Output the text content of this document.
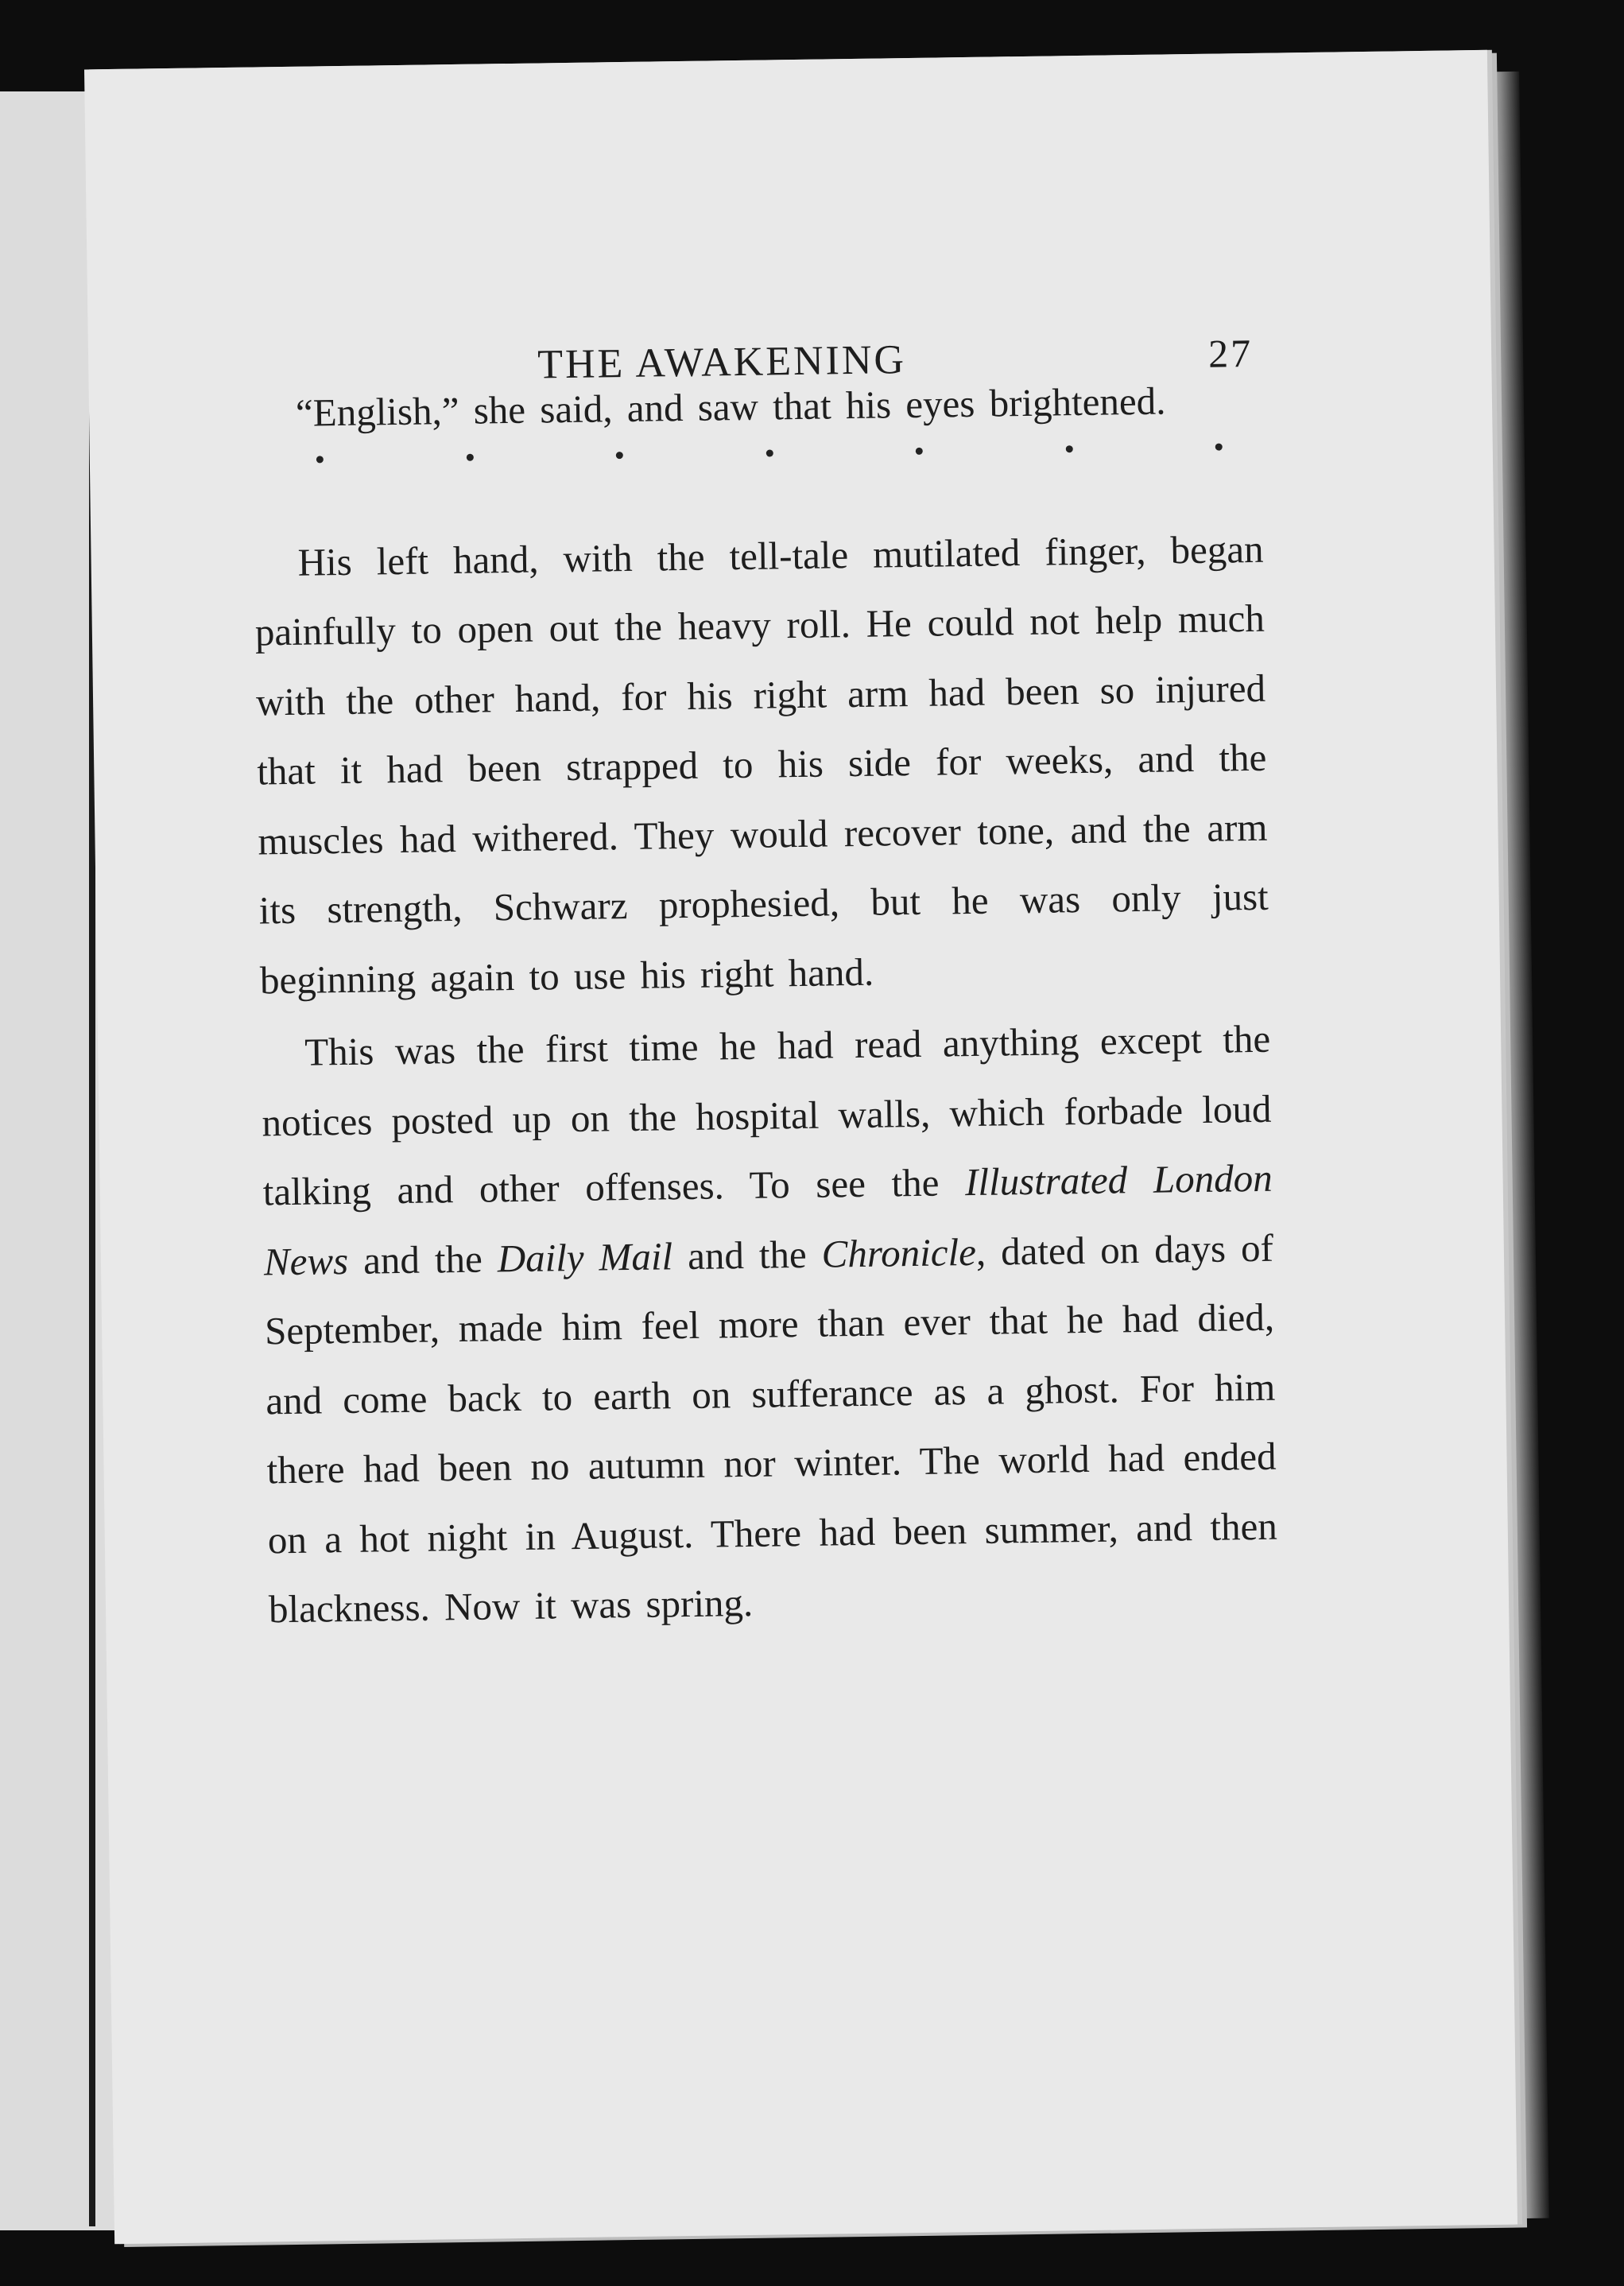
THE AWAKENING	27

“English,” she said, and saw that his eyes brightened.

His left hand, with the tell-tale mutilated finger, began painfully to open out the heavy roll. He could not help much with the other hand, for his right arm had been so injured that it had been strapped to his side for weeks, and the muscles had withered. They would recover tone, and the arm its strength, Schwarz prophesied, but he was only just beginning again to use his right hand.

This was the first time he had read anything except the notices posted up on the hospital walls, which forbade loud talking and other offenses. To see the Illustrated London News and the Daily Mail and the Chronicle, dated on days of September, made him feel more than ever that he had died, and come back to earth on sufferance as a ghost. For him there had been no autumn nor winter. The world had ended on a hot night in August. There had been summer, and then blackness. Now it was spring.
